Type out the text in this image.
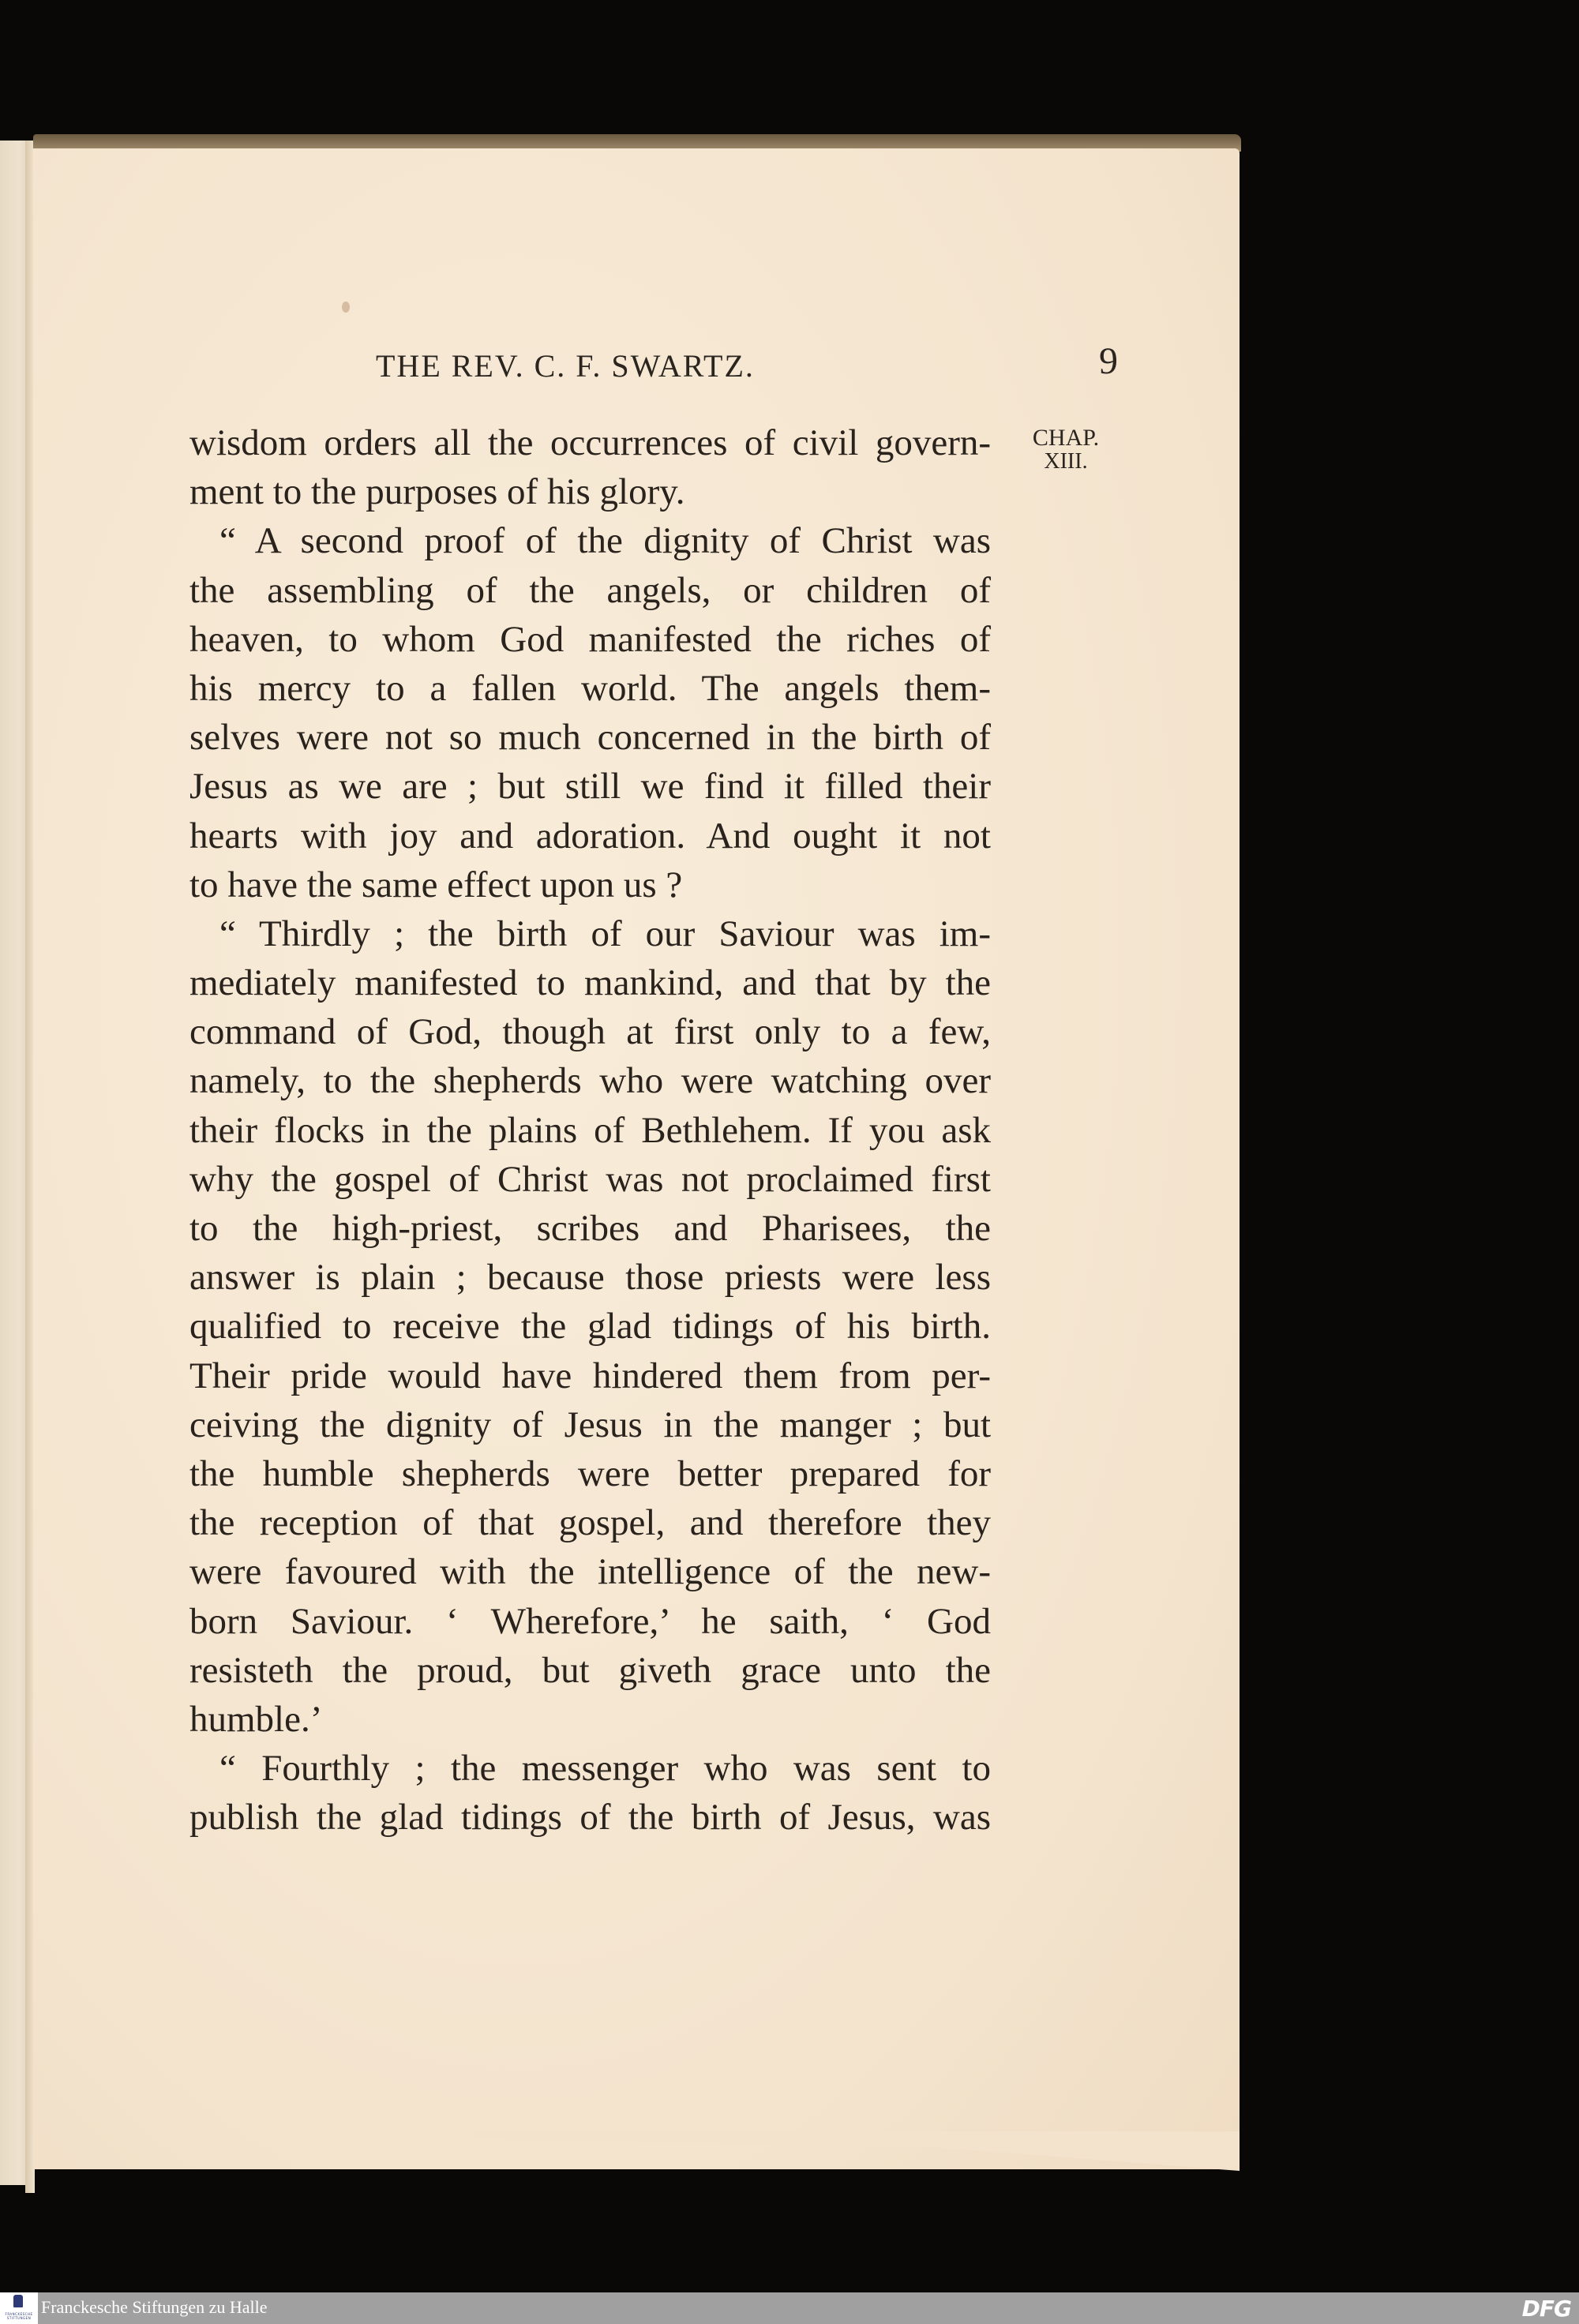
THE REV. C. F. SWARTZ.	9
CHAP.
XIII.
wisdom orders all the occurrences of civil govern-
ment to the purposes of his glory.
“ A second proof of the dignity of Christ was
the assembling of the angels, or children of
heaven, to whom God manifested the riches of
his mercy to a fallen world. The angels them-
selves were not so much concerned in the birth of
Jesus as we are ; but still we find it filled their
hearts with joy and adoration. And ought it not
to have the same effect upon us ?
“ Thirdly ; the birth of our Saviour was im-
mediately manifested to mankind, and that by the
command of God, though at first only to a few,
namely, to the shepherds who were watching over
their flocks in the plains of Bethlehem. If you ask
why the gospel of Christ was not proclaimed first
to the high-priest, scribes and Pharisees, the
answer is plain ; because those priests were less
qualified to receive the glad tidings of his birth.
Their pride would have hindered them from per-
ceiving the dignity of Jesus in the manger ; but
the humble shepherds were better prepared for
the reception of that gospel, and therefore they
were favoured with the intelligence of the new-
born Saviour. ‘ Wherefore,’ he saith, ‘ God
resisteth the proud, but giveth grace unto the
humble.’
“ Fourthly ; the messenger who was sent to
publish the glad tidings of the birth of Jesus, was
FRANCKESCHE STIFTUNGEN
Franckesche Stiftungen zu Halle	DFG
